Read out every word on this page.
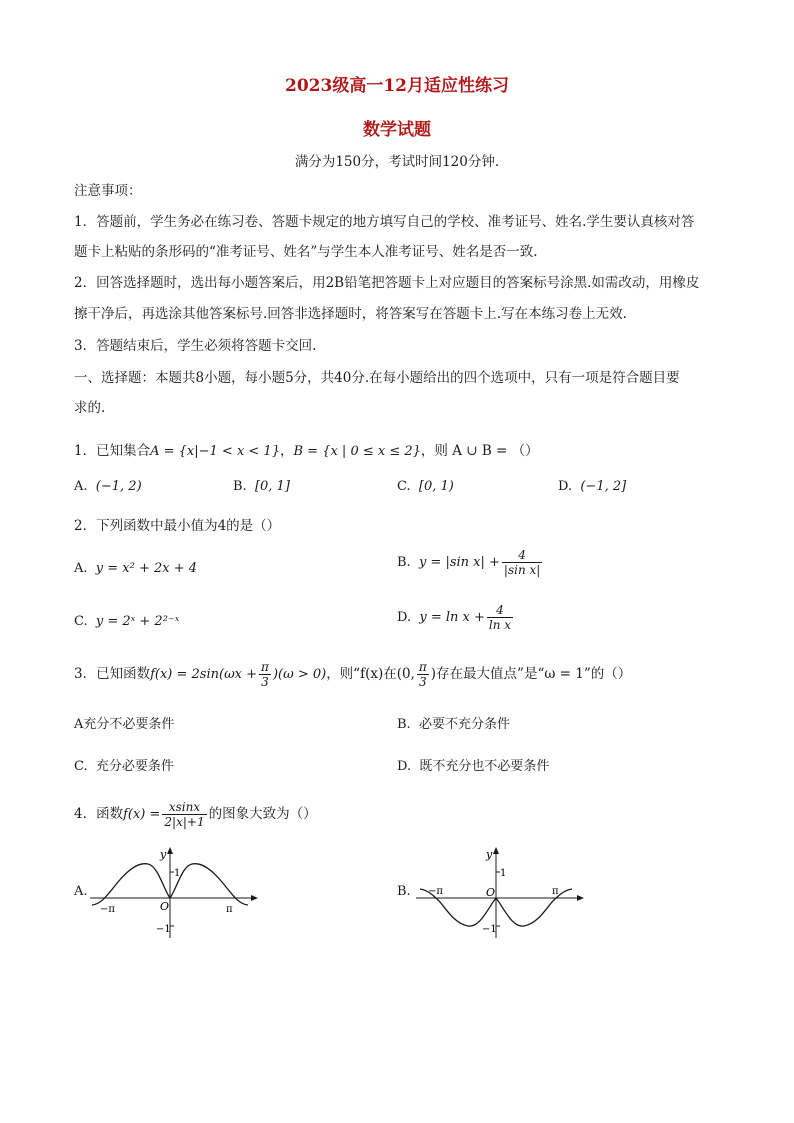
2023级高一12月适应性练习
数学试题
满分为150分，考试时间120分钟.
注意事项：
1．答题前，学生务必在练习卷、答题卡规定的地方填写自己的学校、准考证号、姓名.学生要认真核对答
题卡上粘贴的条形码的“准考证号、姓名”与学生本人准考证号、姓名是否一致.
2．回答选择题时，选出每小题答案后，用2B铅笔把答题卡上对应题目的答案标号涂黑.如需改动，用橡皮
擦干净后，再选涂其他答案标号.回答非选择题时，将答案写在答题卡上.写在本练习卷上无效.
3．答题结束后，学生必须将答题卡交回.
一、选择题：本题共8小题，每小题5分，共40分.在每小题给出的四个选项中，只有一项是符合题目要
求的.
1．已知集合A = {x|−1 < x < 1}，B = {x | 0 ≤ x ≤ 2}，则 A ∪ B = （）
A. (−1, 2)	B. [0, 1]	C. [0, 1)	D. (−1, 2]
2．下列函数中最小值为4的是（）
A. y = x² + 2x + 4	B. y = |sin $x| + \frac{4}{\text{|sin x|}}$
C. y = 2ˣ + 2²⁻ˣ	D. $y = \ln x + \frac{4}{\text{ln x}}$
3．已知函数$f(x) = 2\sin(\omega x + \frac{\pi}{3} )(\omega > 0)$，则“f(x)在(0, $\frac{\pi}{3}$ )存在最大值点”是“ω = 1”的（）
A充分不必要条件	B. 必要不充分条件
C. 充分必要条件	D. 既不充分也不必要条件
4．函数$f(x) = \frac{xsinx}{2|x|+1}$ 的图象大致为（）
A.
y
1
O
−1
−π	π
B.
y
1
O
−1
−π	π
